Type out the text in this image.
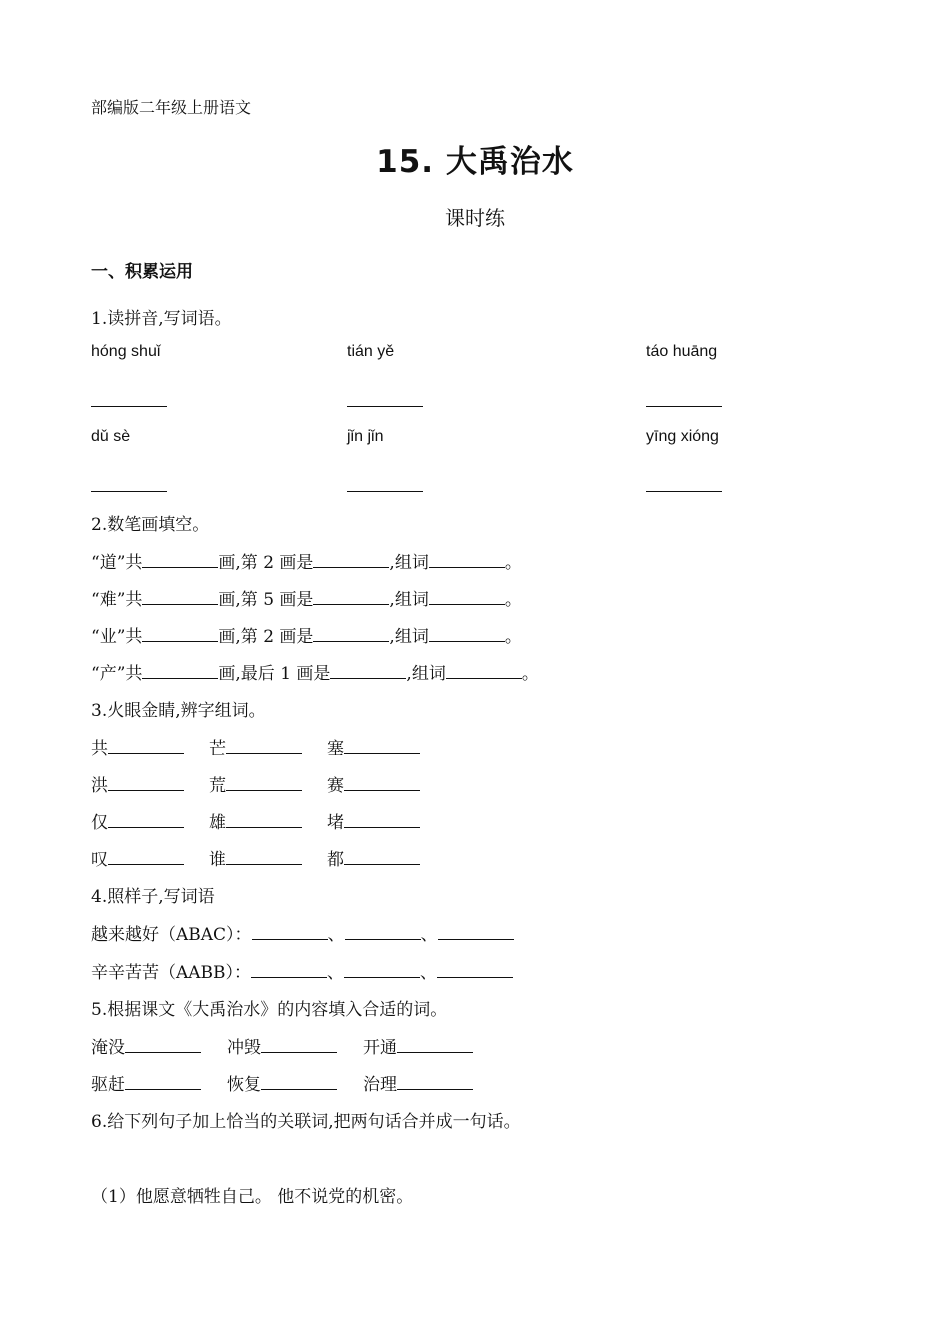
部编版二年级上册语文
15. 大禹治水
课时练
一、积累运用
1.读拼音,写词语。
hóng shuǐ	tián yě	táo huāng
dǔ sè	jǐn jǐn	yīng xióng
2.数笔画填空。
“道”共	画,第 2 画是	,组词	。
“难”共	画,第 5 画是	,组词	。
“业”共	画,第 2 画是	,组词	。
“产”共	画,最后 1 画是	,组词	。
3.火眼金睛,辨字组词。
共	芒	塞
洪	荒	赛
仅	雄	堵
叹	谁	都
4.照样子,写词语
越来越好（ABAC）：	、	、
辛辛苦苦（AABB）：	、	、
5.根据课文《大禹治水》的内容填入合适的词。
淹没	冲毁	开通
驱赶	恢复	治理
6.给下列句子加上恰当的关联词,把两句话合并成一句话。
（1）他愿意牺牲自己。 他不说党的机密。
